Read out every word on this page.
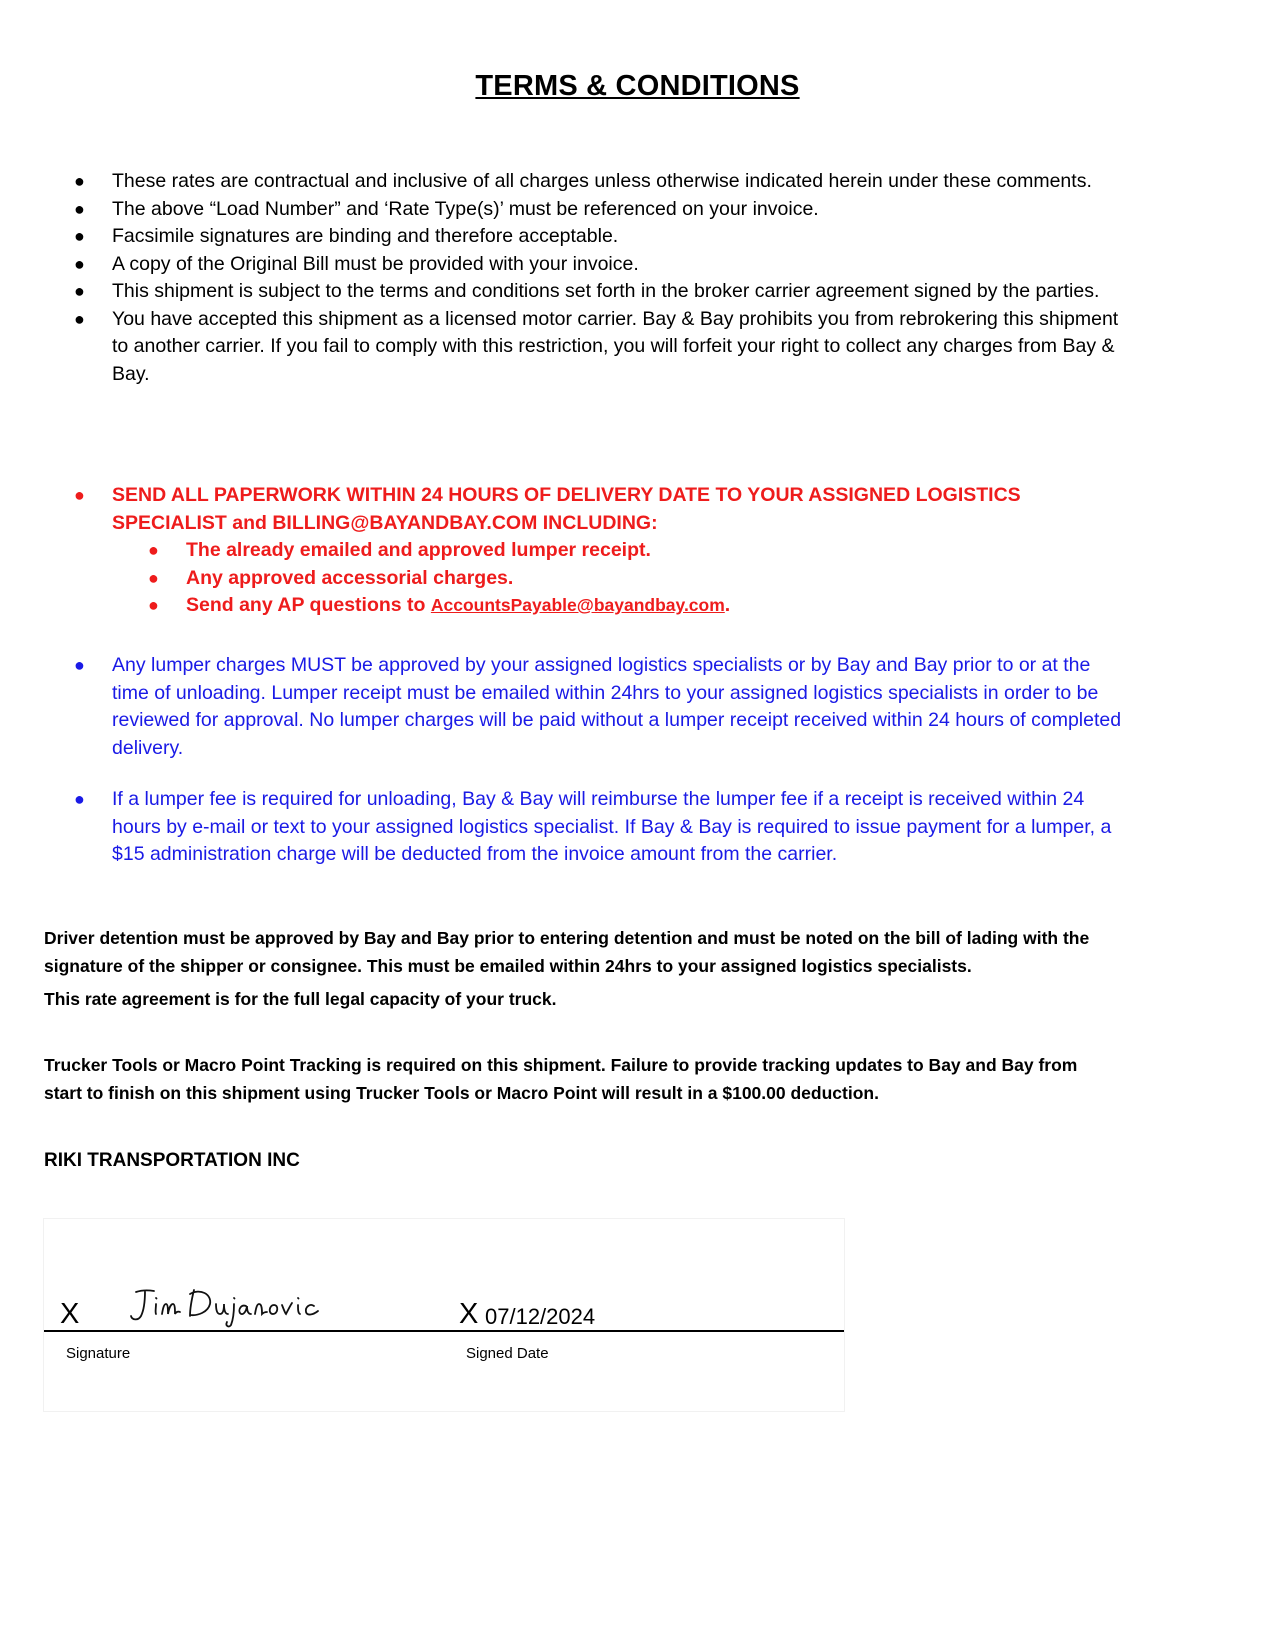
TERMS & CONDITIONS
● These rates are contractual and inclusive of all charges unless otherwise indicated herein under these comments.
● The above “Load Number” and ‘Rate Type(s)’ must be referenced on your invoice.
● Facsimile signatures are binding and therefore acceptable.
● A copy of the Original Bill must be provided with your invoice.
● This shipment is subject to the terms and conditions set forth in the broker carrier agreement signed by the parties.
● You have accepted this shipment as a licensed motor carrier. Bay & Bay prohibits you from rebrokering this shipment to another carrier. If you fail to comply with this restriction, you will forfeit your right to collect any charges from Bay & Bay.
● SEND ALL PAPERWORK WITHIN 24 HOURS OF DELIVERY DATE TO YOUR ASSIGNED LOGISTICS SPECIALIST and BILLING@BAYANDBAY.COM INCLUDING:
● The already emailed and approved lumper receipt.
● Any approved accessorial charges.
● Send any AP questions to AccountsPayable@bayandbay.com.
● Any lumper charges MUST be approved by your assigned logistics specialists or by Bay and Bay prior to or at the time of unloading. Lumper receipt must be emailed within 24hrs to your assigned logistics specialists in order to be reviewed for approval. No lumper charges will be paid without a lumper receipt received within 24 hours of completed delivery.
● If a lumper fee is required for unloading, Bay & Bay will reimburse the lumper fee if a receipt is received within 24 hours by e-mail or text to your assigned logistics specialist. If Bay & Bay is required to issue payment for a lumper, a $15 administration charge will be deducted from the invoice amount from the carrier.
Driver detention must be approved by Bay and Bay prior to entering detention and must be noted on the bill of lading with the signature of the shipper or consignee. This must be emailed within 24hrs to your assigned logistics specialists.
This rate agreement is for the full legal capacity of your truck.
Trucker Tools or Macro Point Tracking is required on this shipment. Failure to provide tracking updates to Bay and Bay from start to finish on this shipment using Trucker Tools or Macro Point will result in a $100.00 deduction.
RIKI TRANSPORTATION INC
X	X 07/12/2024
Signature	Signed Date
